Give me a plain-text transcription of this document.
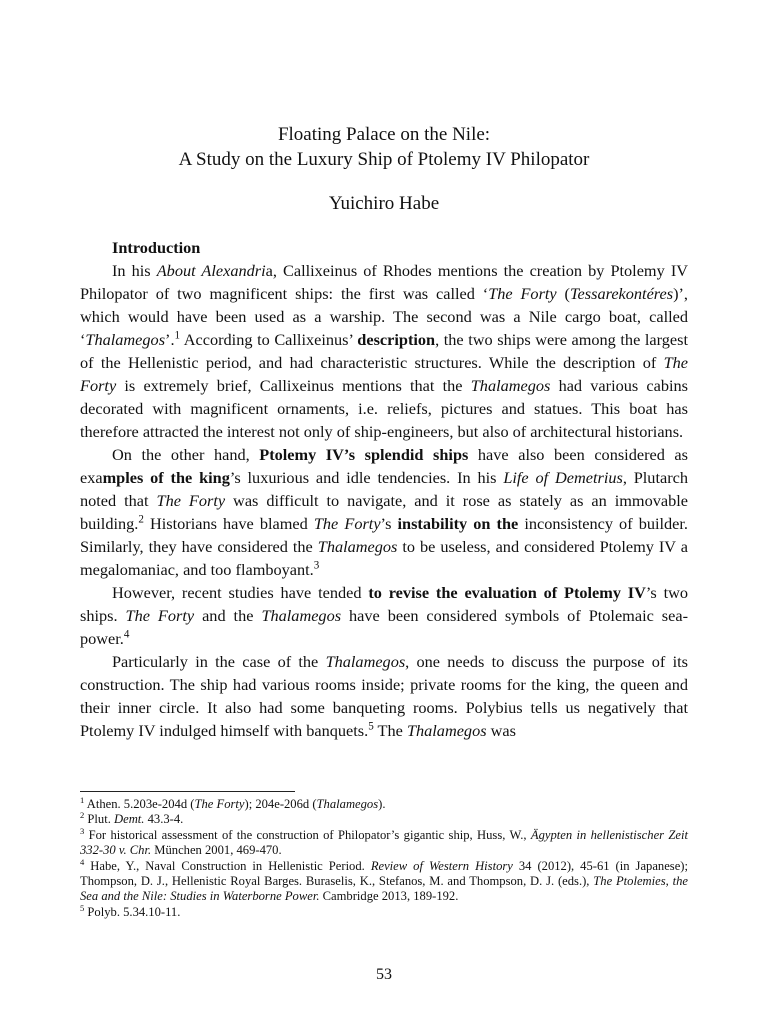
Floating Palace on the Nile:
A Study on the Luxury Ship of Ptolemy IV Philopator
Yuichiro Habe

Introduction

In his About Alexandria, Callixeinus of Rhodes mentions the creation by Ptolemy IV Philopator of two magnificent ships: the first was called ‘The Forty (Tessarekontéres)’, which would have been used as a warship. The second was a Nile cargo boat, called ‘Thalamegos’.$^1$ According to Callixeinus’ description, the two ships were among the largest of the Hellenistic period, and had characteristic structures. While the description of The Forty is extremely brief, Callixeinus mentions that the Thalamegos had various cabins decorated with magnificent ornaments, i.e. reliefs, pictures and statues. This boat has therefore attracted the interest not only of ship-engineers, but also of architectural historians.

On the other hand, Ptolemy IV’s splendid ships have also been considered as examples of the king’s luxurious and idle tendencies. In his Life of Demetrius, Plutarch noted that The Forty was difficult to navigate, and it rose as stately as an immovable building.$^2$ Historians have blamed The Forty’s instability on the inconsistency of builder. Similarly, they have considered the Thalamegos to be useless, and considered Ptolemy IV a megalomaniac, and too flamboyant.$^3$

However, recent studies have tended to revise the evaluation of Ptolemy IV’s two ships. The Forty and the Thalamegos have been considered symbols of Ptolemaic sea-power.$^4$

Particularly in the case of the Thalamegos, one needs to discuss the purpose of its construction. The ship had various rooms inside; private rooms for the king, the queen and their inner circle. It also had some banqueting rooms. Polybius tells us negatively that Ptolemy IV indulged himself with banquets.$^5$ The Thalamegos was

$^1$ Athen. 5.203e-204d (The Forty); 204e-206d (Thalamegos).

$^2$ Plut. Demt. 43.3-4.

$^3$ For historical assessment of the construction of Philopator’s gigantic ship, Huss, W., Ägypten in hellenistischer Zeit 332-30 v. Chr. München 2001, 469-470.

$^4$ Habe, Y., Naval Construction in Hellenistic Period. Review of Western History 34 (2012), 45-61 (in Japanese); Thompson, D. J., Hellenistic Royal Barges. Buraselis, K., Stefanos, M. and Thompson, D. J. (eds.), The Ptolemies, the Sea and the Nile: Studies in Waterborne Power. Cambridge 2013, 189-192.

$^5$ Polyb. 5.34.10-11.

53
